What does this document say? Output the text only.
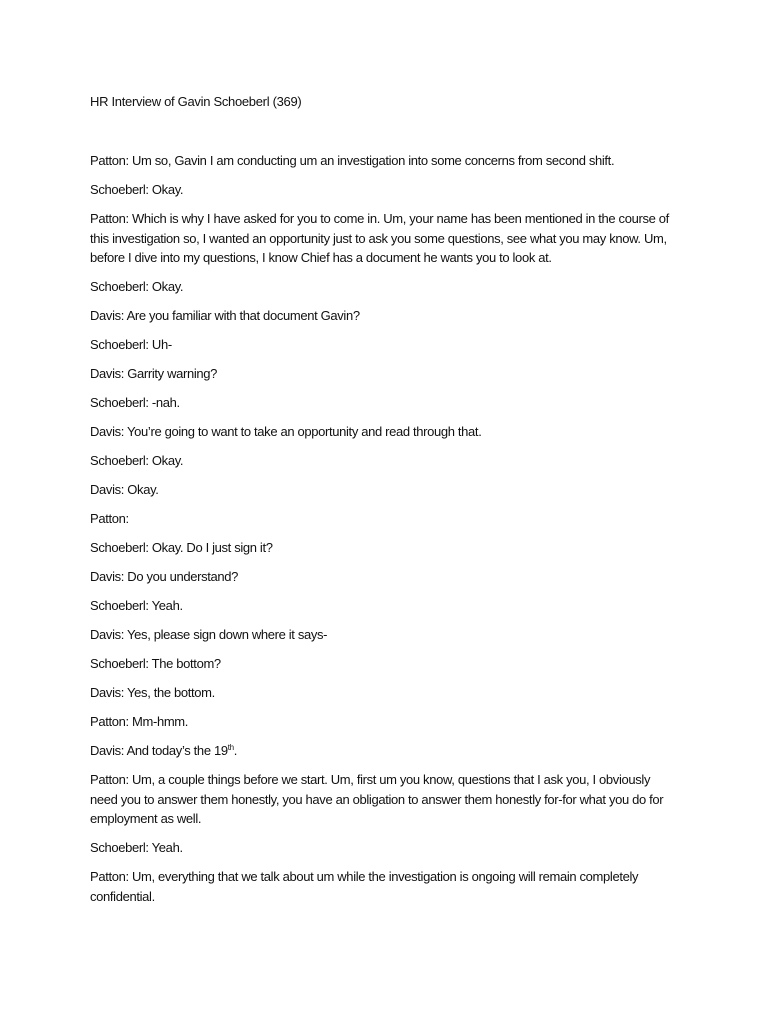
HR Interview of Gavin Schoeberl (369)

Patton: Um so, Gavin I am conducting um an investigation into some concerns from second shift.

Schoeberl: Okay.

Patton: Which is why I have asked for you to come in. Um, your name has been mentioned in the course of this investigation so, I wanted an opportunity just to ask you some questions, see what you may know. Um, before I dive into my questions, I know Chief has a document he wants you to look at.

Schoeberl: Okay.

Davis: Are you familiar with that document Gavin?

Schoeberl: Uh-

Davis: Garrity warning?

Schoeberl: -nah.

Davis: You’re going to want to take an opportunity and read through that.

Schoeberl: Okay.

Davis: Okay.

Patton:

Schoeberl: Okay. Do I just sign it?

Davis: Do you understand?

Schoeberl: Yeah.

Davis: Yes, please sign down where it says-

Schoeberl: The bottom?

Davis: Yes, the bottom.

Patton: Mm-hmm.

Davis: And today’s the 19th.

Patton: Um, a couple things before we start. Um, first um you know, questions that I ask you, I obviously need you to answer them honestly, you have an obligation to answer them honestly for-for what you do for employment as well.

Schoeberl: Yeah.

Patton: Um, everything that we talk about um while the investigation is ongoing will remain completely confidential.
